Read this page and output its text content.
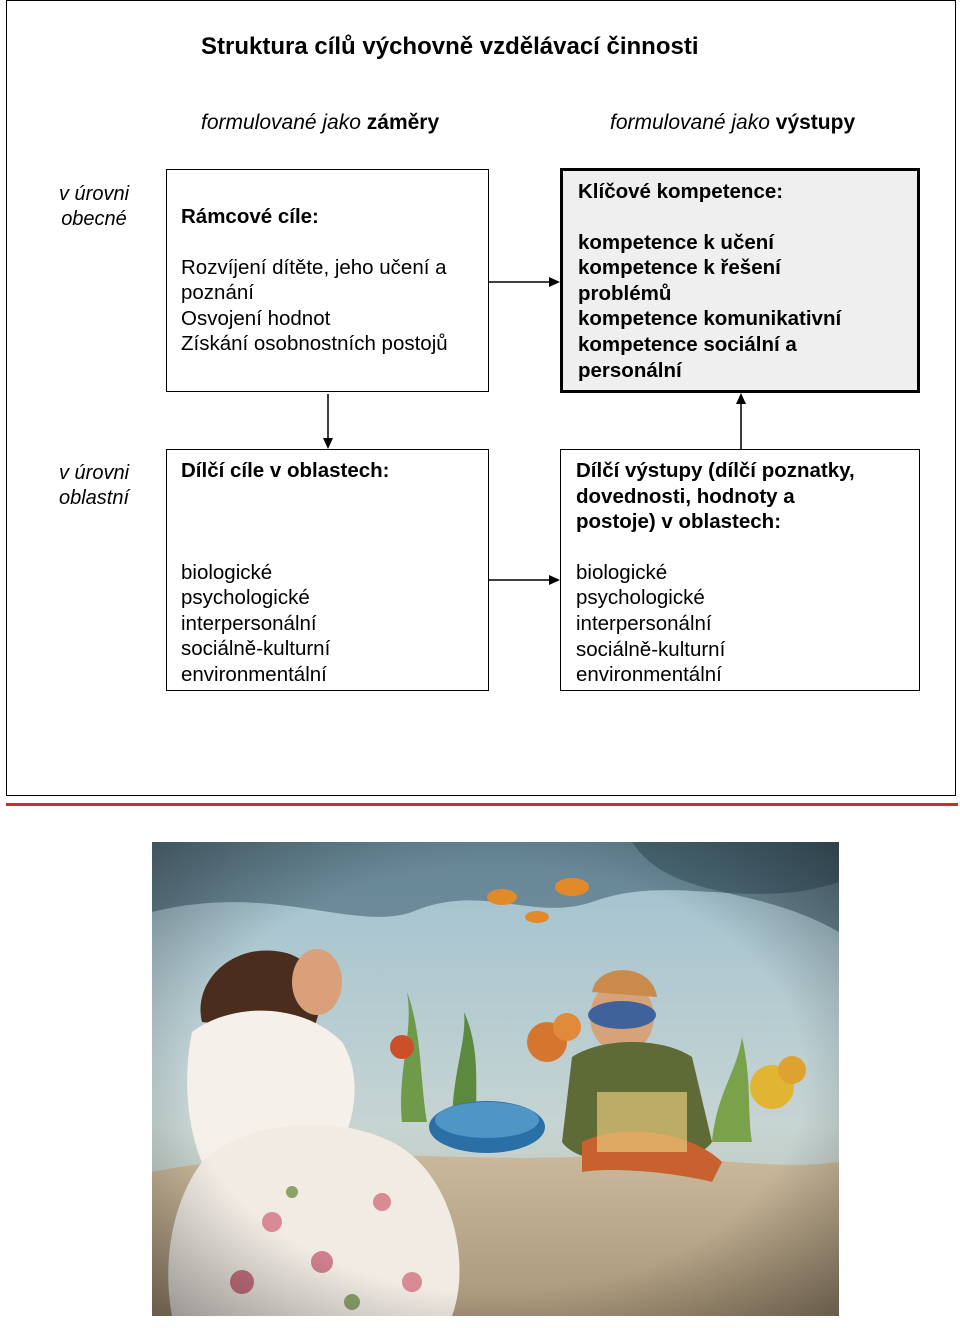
Struktura cílů výchovně vzdělávací činnosti
formulované jako záměry	formulované jako výstupy
v úrovni
obecné
v úrovni
oblastní
Rámcové cíle:
Rozvíjení dítěte, jeho učení a
poznání
Osvojení hodnot
Získání osobnostních postojů
Klíčové kompetence:
kompetence k učení
kompetence k řešení
problémů
kompetence komunikativní
kompetence sociální a
personální
Dílčí cíle v oblastech:
biologické
psychologické
interpersonální
sociálně-kulturní
environmentální
Dílčí výstupy (dílčí poznatky,
dovednosti, hodnoty a
postoje) v oblastech:
biologické
psychologické
interpersonální
sociálně-kulturní
environmentální
